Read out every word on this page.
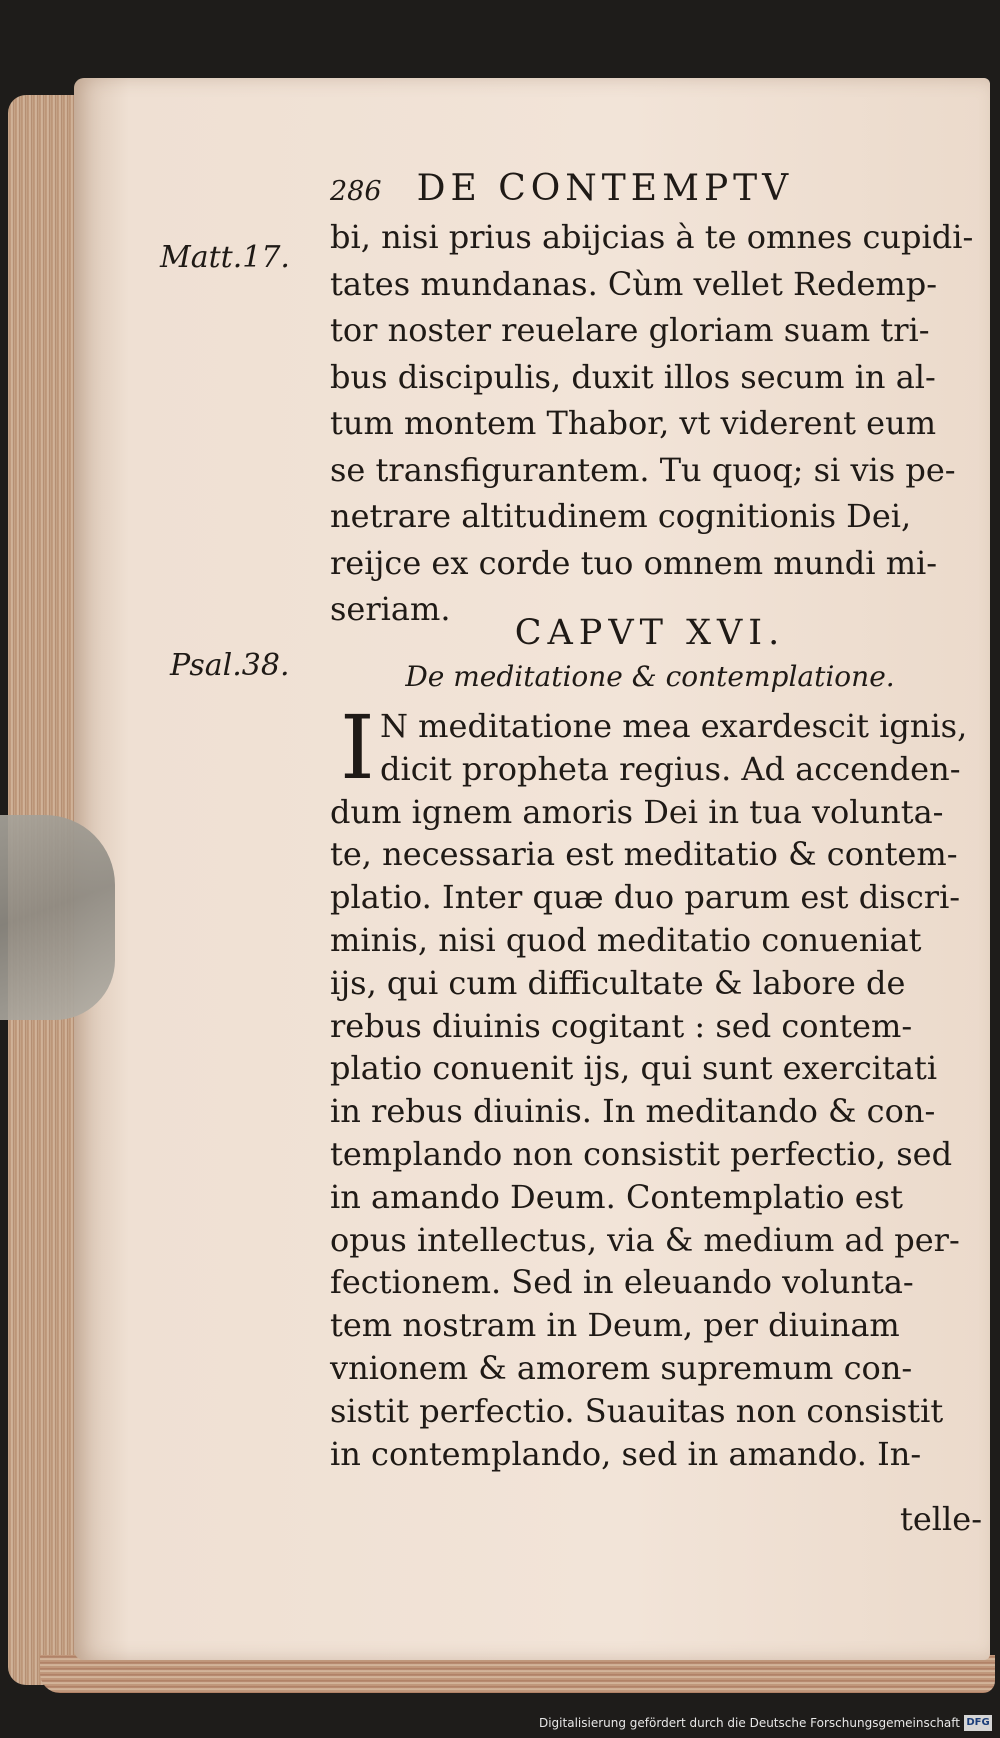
286 DE CONTEMPTV
Matt.17.
Psal.38.
bi, nisi prius abijcias à te omnes cupidi-
tates mundanas. Cùm vellet Redemp-
tor noster reuelare gloriam suam tri-
bus discipulis, duxit illos secum in al-
tum montem Thabor, vt viderent eum
se transfigurantem. Tu quoq; si vis pe-
netrare altitudinem cognitionis Dei,
reijce ex corde tuo omnem mundi mi-
seriam.
CAPVT XVI.
De meditatione & contemplatione.
I N meditatione mea exardescit ignis,
dicit propheta regius. Ad accenden-
dum ignem amoris Dei in tua volunta-
te, necessaria est meditatio & contem-
platio. Inter quæ duo parum est discri-
minis, nisi quod meditatio conueniat
ijs, qui cum difficultate & labore de
rebus diuinis cogitant : sed contem-
platio conuenit ijs, qui sunt exercitati
in rebus diuinis. In meditando & con-
templando non consistit perfectio, sed
in amando Deum. Contemplatio est
opus intellectus, via & medium ad per-
fectionem. Sed in eleuando volunta-
tem nostram in Deum, per diuinam
vnionem & amorem supremum con-
sistit perfectio. Suauitas non consistit
in contemplando, sed in amando. In-
telle-
Digitalisierung gefördert durch die Deutsche Forschungsgemeinschaft DFG
